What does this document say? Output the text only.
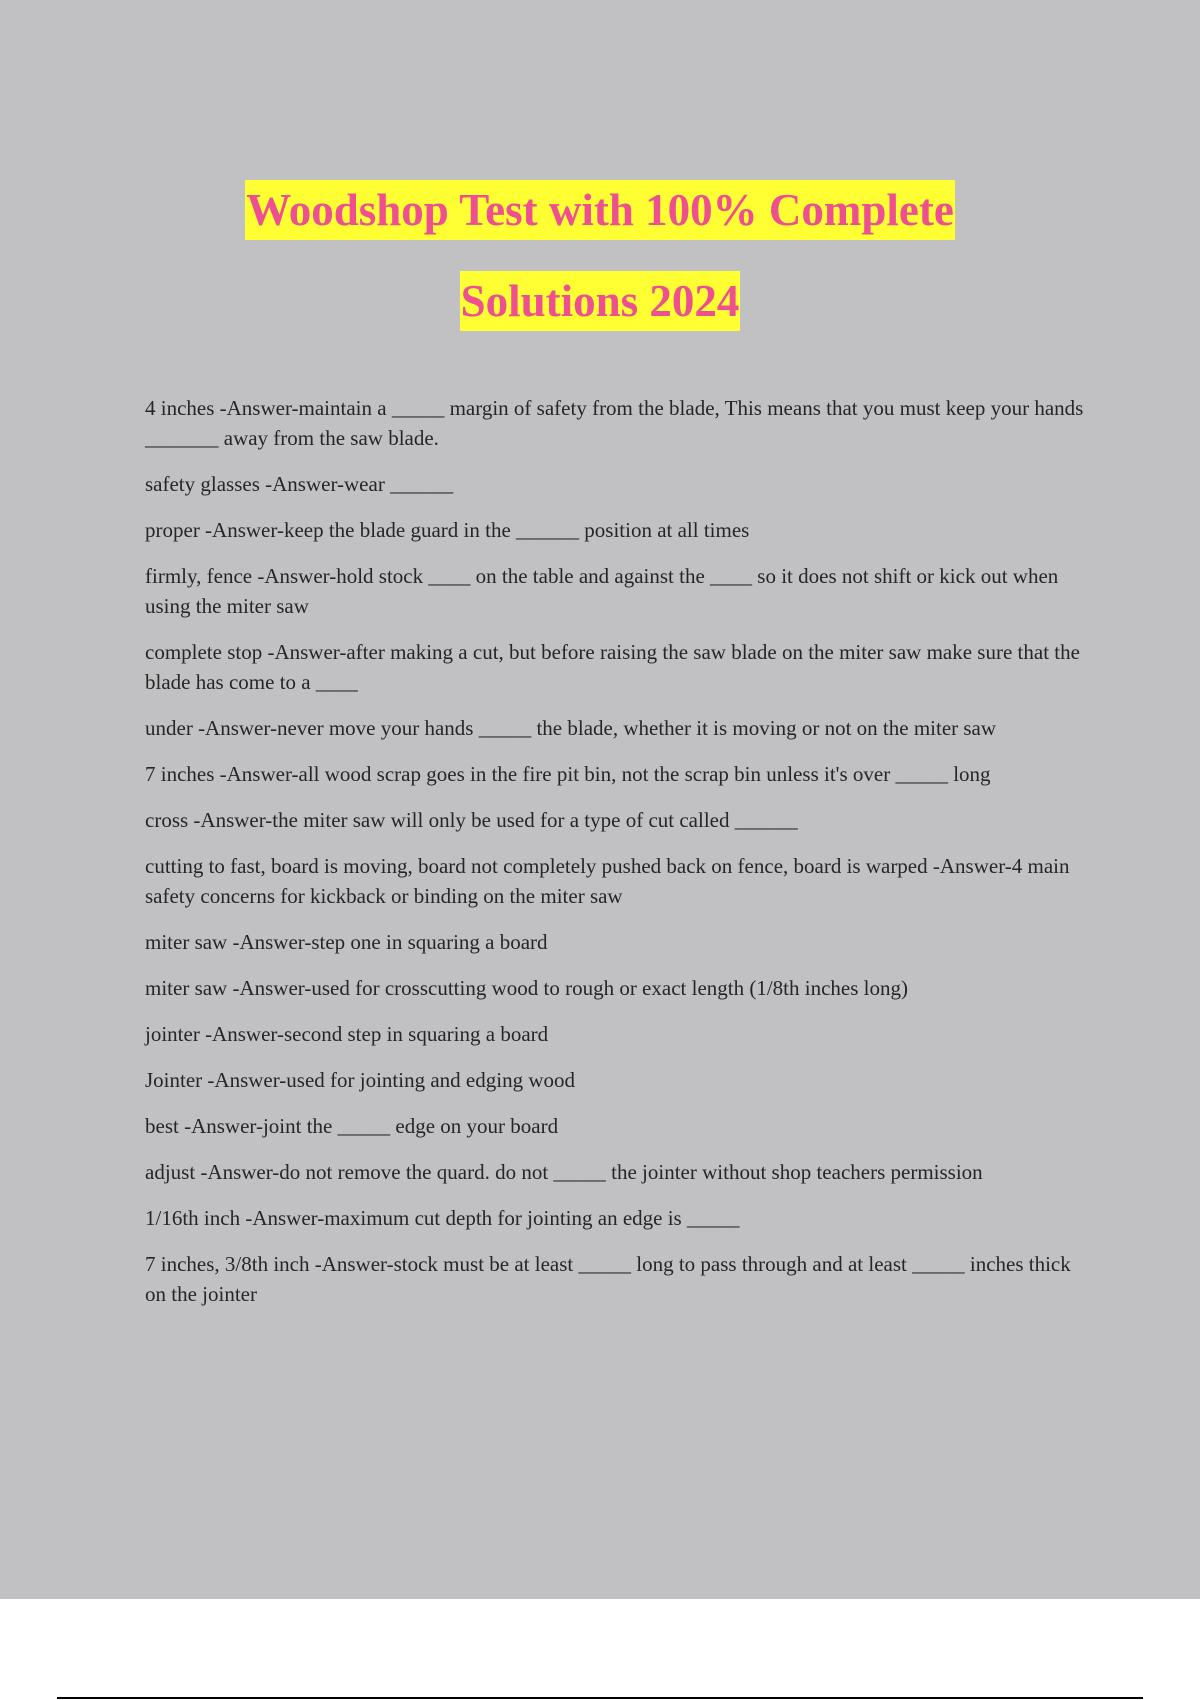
Woodshop Test with 100% Complete
Solutions 2024

4 inches -Answer-maintain a _____ margin of safety from the blade, This means that you must keep your hands _______ away from the saw blade.

safety glasses -Answer-wear ______

proper -Answer-keep the blade guard in the ______ position at all times

firmly, fence -Answer-hold stock ____ on the table and against the ____ so it does not shift or kick out when using the miter saw

complete stop -Answer-after making a cut, but before raising the saw blade on the miter saw make sure that the blade has come to a ____

under -Answer-never move your hands _____ the blade, whether it is moving or not on the miter saw

7 inches -Answer-all wood scrap goes in the fire pit bin, not the scrap bin unless it's over _____ long

cross -Answer-the miter saw will only be used for a type of cut called ______

cutting to fast, board is moving, board not completely pushed back on fence, board is warped -Answer-4 main safety concerns for kickback or binding on the miter saw

miter saw -Answer-step one in squaring a board

miter saw -Answer-used for crosscutting wood to rough or exact length (1/8th inches long)

jointer -Answer-second step in squaring a board

Jointer -Answer-used for jointing and edging wood

best -Answer-joint the _____ edge on your board

adjust -Answer-do not remove the quard. do not _____ the jointer without shop teachers permission

1/16th inch -Answer-maximum cut depth for jointing an edge is _____

7 inches, 3/8th inch -Answer-stock must be at least _____ long to pass through and at least _____ inches thick on the jointer
